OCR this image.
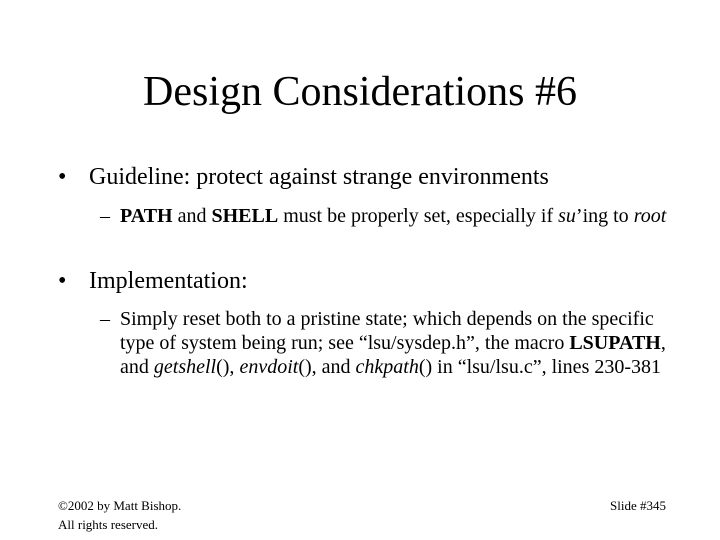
Design Considerations #6
• Guideline: protect against strange environments
– PATH and SHELL must be properly set, especially if su’ing to root
• Implementation:
– Simply reset both to a pristine state; which depends on the specific type of system being run; see “lsu/sysdep.h”, the macro LSUPATH, and getshell(), envdoit(), and chkpath() in “lsu/lsu.c”, lines 230-381
©2002 by Matt Bishop.
All rights reserved.
Slide #345
